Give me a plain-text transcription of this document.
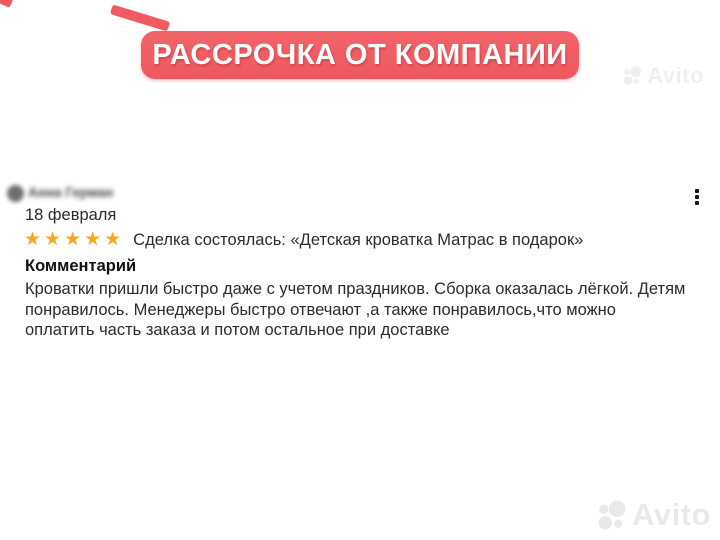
РАССРОЧКА ОТ КОМПАНИИ
Avito
Анна Герман
18 февраля
★★★★★ Сделка состоялась: «Детская кроватка Матрас в подарок»
Комментарий
Кроватки пришли быстро даже с учетом праздников. Сборка оказалась лёгкой. Детям понравилось. Менеджеры быстро отвечают ,а также понравилось,что можно оплатить часть заказа и потом остальное при доставке
Avito
